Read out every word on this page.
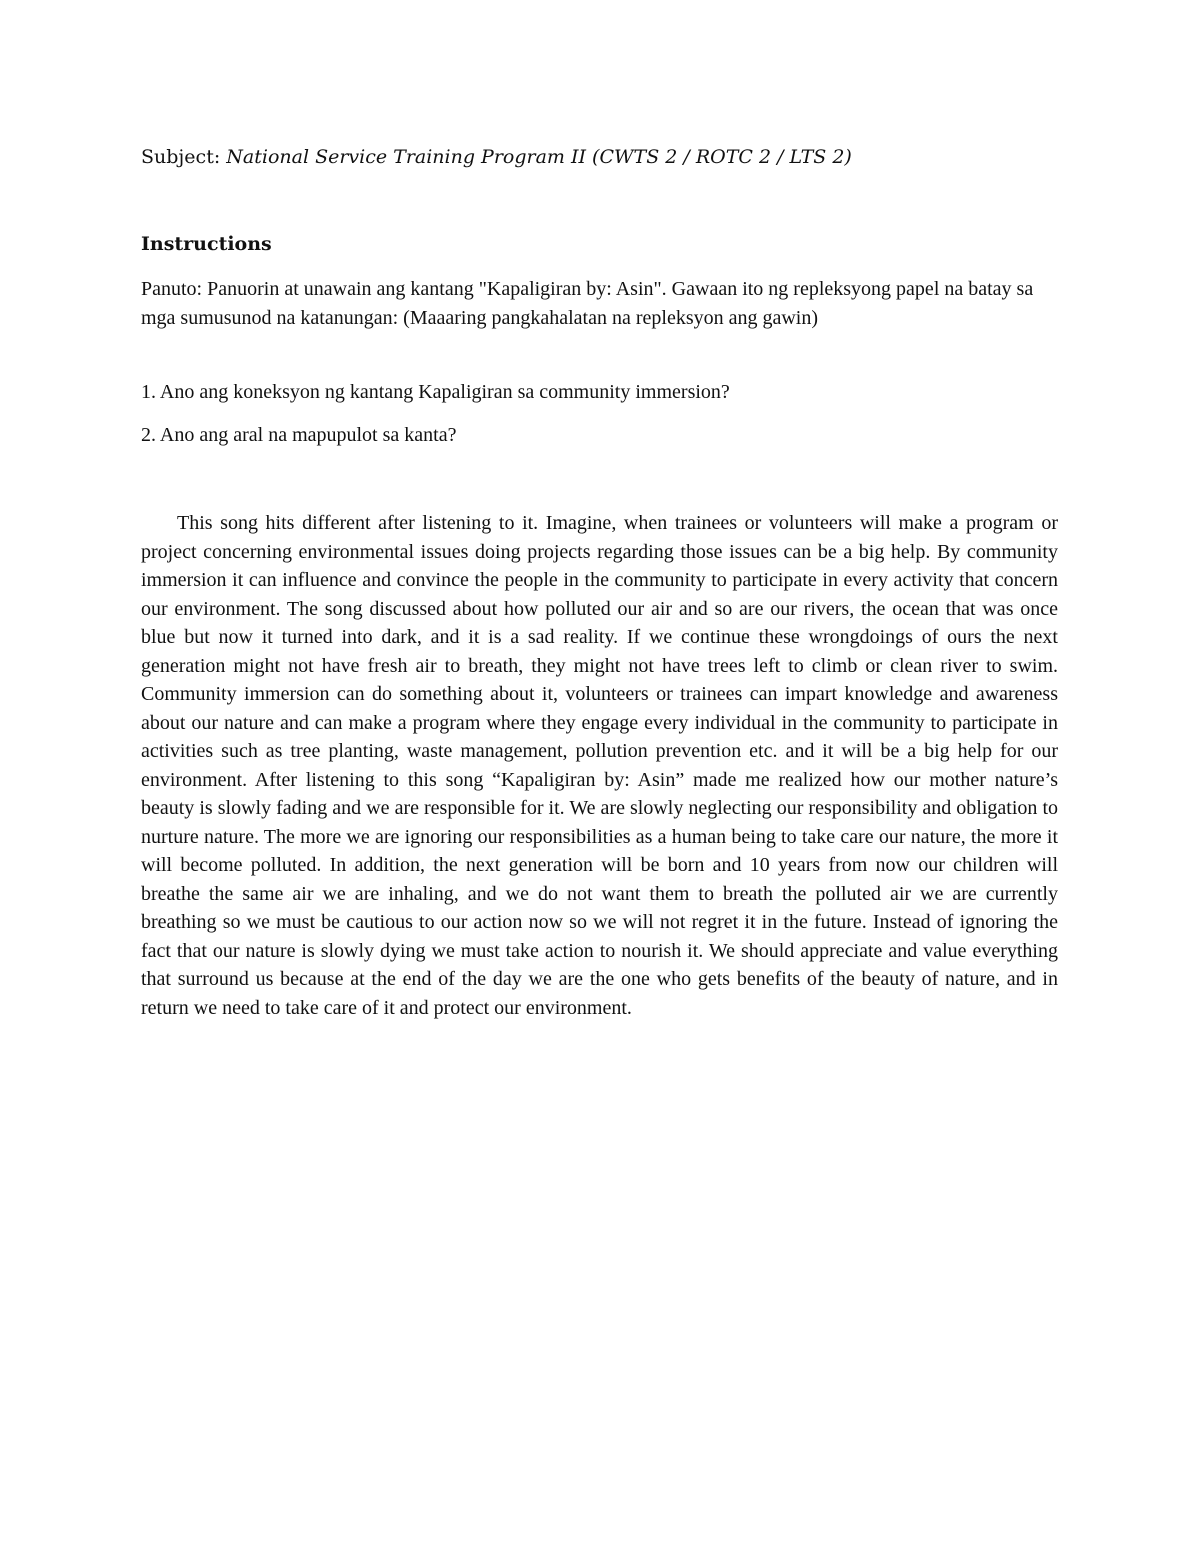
Subject: National Service Training Program II (CWTS 2 / ROTC 2 / LTS 2)
Instructions

Panuto: Panuorin at unawain ang kantang "Kapaligiran by: Asin". Gawaan ito ng repleksyong papel na batay sa mga sumusunod na katanungan: (Maaaring pangkahalatan na repleksyon ang gawin)

1. Ano ang koneksyon ng kantang Kapaligiran sa community immersion?

2. Ano ang aral na mapupulot sa kanta?

This song hits different after listening to it. Imagine, when trainees or volunteers will make a program or project concerning environmental issues doing projects regarding those issues can be a big help. By community immersion it can influence and convince the people in the community to participate in every activity that concern our environment. The song discussed about how polluted our air and so are our rivers, the ocean that was once blue but now it turned into dark, and it is a sad reality. If we continue these wrongdoings of ours the next generation might not have fresh air to breath, they might not have trees left to climb or clean river to swim. Community immersion can do something about it, volunteers or trainees can impart knowledge and awareness about our nature and can make a program where they engage every individual in the community to participate in activities such as tree planting, waste management, pollution prevention etc. and it will be a big help for our environment. After listening to this song “Kapaligiran by: Asin” made me realized how our mother nature’s beauty is slowly fading and we are responsible for it. We are slowly neglecting our responsibility and obligation to nurture nature. The more we are ignoring our responsibilities as a human being to take care our nature, the more it will become polluted. In addition, the next generation will be born and 10 years from now our children will breathe the same air we are inhaling, and we do not want them to breath the polluted air we are currently breathing so we must be cautious to our action now so we will not regret it in the future. Instead of ignoring the fact that our nature is slowly dying we must take action to nourish it. We should appreciate and value everything that surround us because at the end of the day we are the one who gets benefits of the beauty of nature, and in return we need to take care of it and protect our environment.
